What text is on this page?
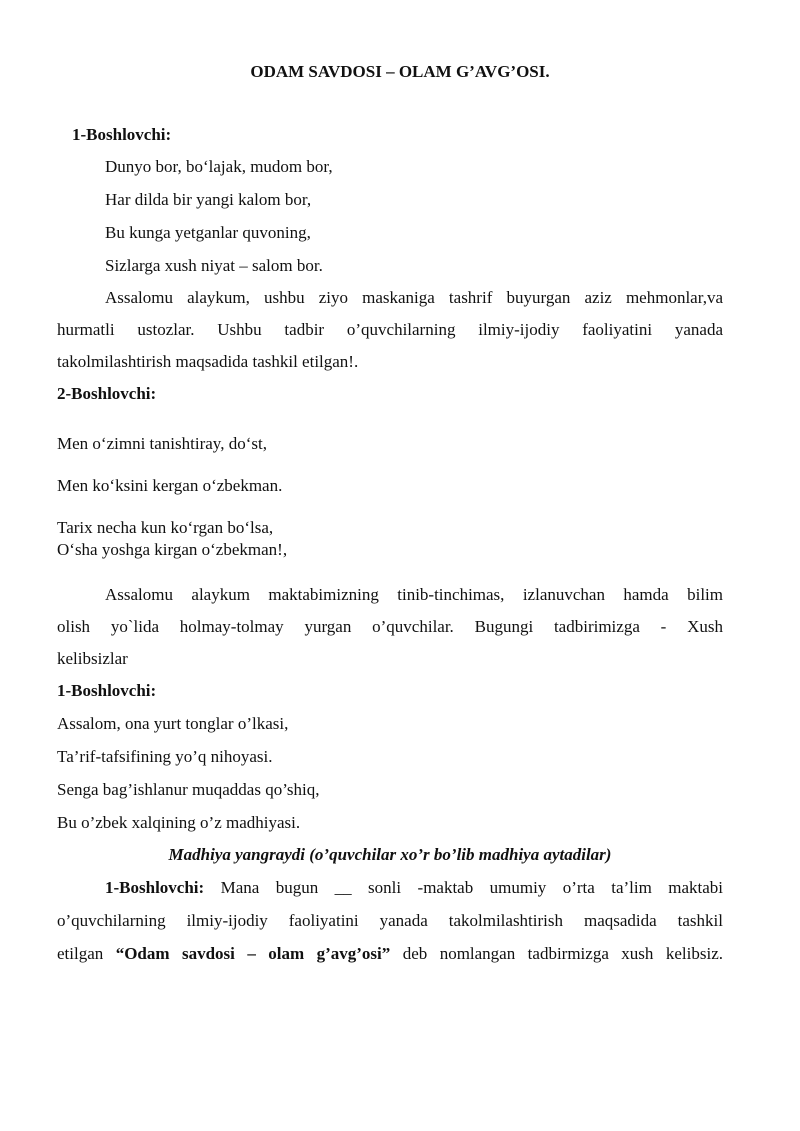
ODAM SAVDOSI – OLAM G’AVG’OSI.
1-Boshlovchi:
Dunyo bor, bo‘lajak, mudom bor,
Har dilda bir yangi kalom bor,
Bu kunga yetganlar quvoning,
Sizlarga xush niyat – salom bor.
Assalomu alaykum, ushbu ziyo maskaniga tashrif buyurgan aziz mehmonlar,va
hurmatli ustozlar. Ushbu tadbir o’quvchilarning ilmiy-ijodiy faoliyatini yanada
takolmilashtirish maqsadida tashkil etilgan!.
2-Boshlovchi:
Men o‘zimni tanishtiray, do‘st,
Men ko‘ksini kergan o‘zbekman.
Tarix necha kun ko‘rgan bo‘lsa,
O‘sha yoshga kirgan o‘zbekman!,
Assalomu alaykum maktabimizning tinib-tinchimas, izlanuvchan hamda bilim
olish yo`lida holmay-tolmay yurgan o’quvchilar. Bugungi tadbirimizga - Xush
kelibsizlar
1-Boshlovchi:
Assalom, ona yurt tonglar o’lkasi,
Ta’rif-tafsifining yo’q nihoyasi.
Senga bag’ishlanur muqaddas qo’shiq,
Bu o’zbek xalqining o’z madhiyasi.
Madhiya yangraydi (o’quvchilar xo’r bo’lib madhiya aytadilar)
1-Boshlovchi: Mana bugun __ sonli -maktab umumiy o’rta ta’lim maktabi
o’quvchilarning ilmiy-ijodiy faoliyatini yanada takolmilashtirish maqsadida tashkil
etilgan “Odam savdosi – olam g’avg’osi” deb nomlangan tadbirmizga xush kelibsiz.
